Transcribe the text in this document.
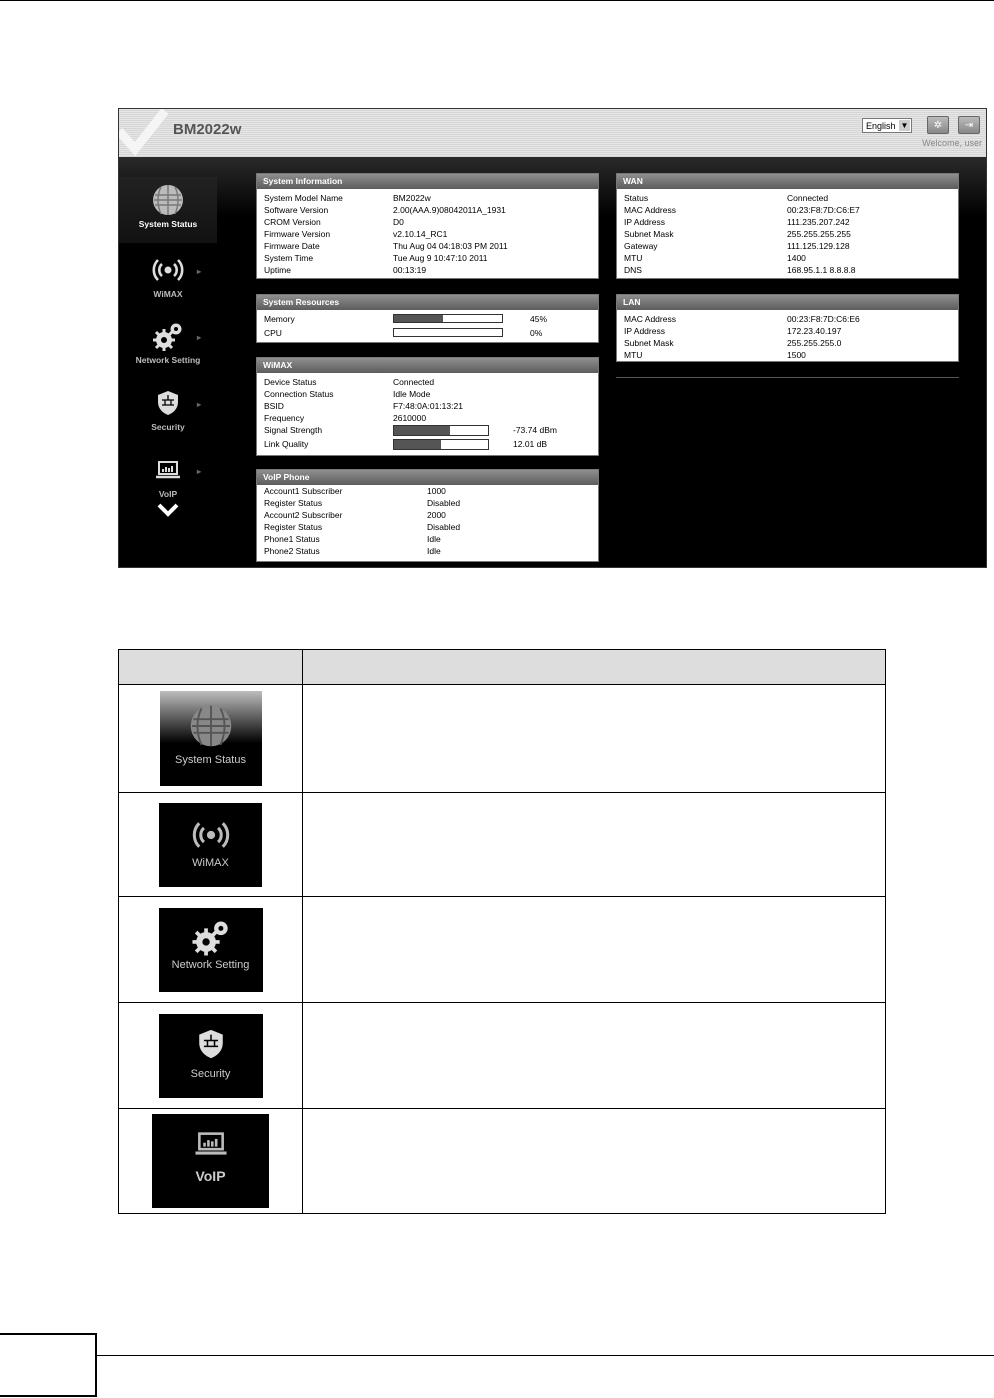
BM2022w	English ▼	✲	⇥
Welcome, user
System Status
WiMAX
▸
Network Setting
▸
Security
▸
VoIP
▸
System Information
System Model Name	BM2022w
Software Version	2.00(AAA.9)08042011A_1931
CROM Version	D0
Firmware Version	v2.10.14_RC1
Firmware Date	Thu Aug 04 04:18:03 PM 2011
System Time	Tue Aug 9 10:47:10 2011
Uptime	00:13:19
System Resources
Memory	45%
CPU	0%
WiMAX
Device Status	Connected
Connection Status	Idle Mode
BSID	F7:48:0A:01:13:21
Frequency	2610000
Signal Strength	-73.74 dBm
Link Quality	12.01 dB
VoIP Phone
Account1 Subscriber	1000
Register Status	Disabled
Account2 Subscriber	2000
Register Status	Disabled
Phone1 Status	Idle
Phone2 Status	Idle
WAN
Status	Connected
MAC Address	00:23:F8:7D:C6:E7
IP Address	111.235.207.242
Subnet Mask	255.255.255.255
Gateway	111.125.129.128
MTU	1400
DNS	168.95.1.1 8.8.8.8
LAN
MAC Address	00:23:F8:7D:C6:E6
IP Address	172.23.40.197
Subnet Mask	255.255.255.0
MTU	1500

System Status	

WiMAX	

Network Setting	

Security	

VoIP	
